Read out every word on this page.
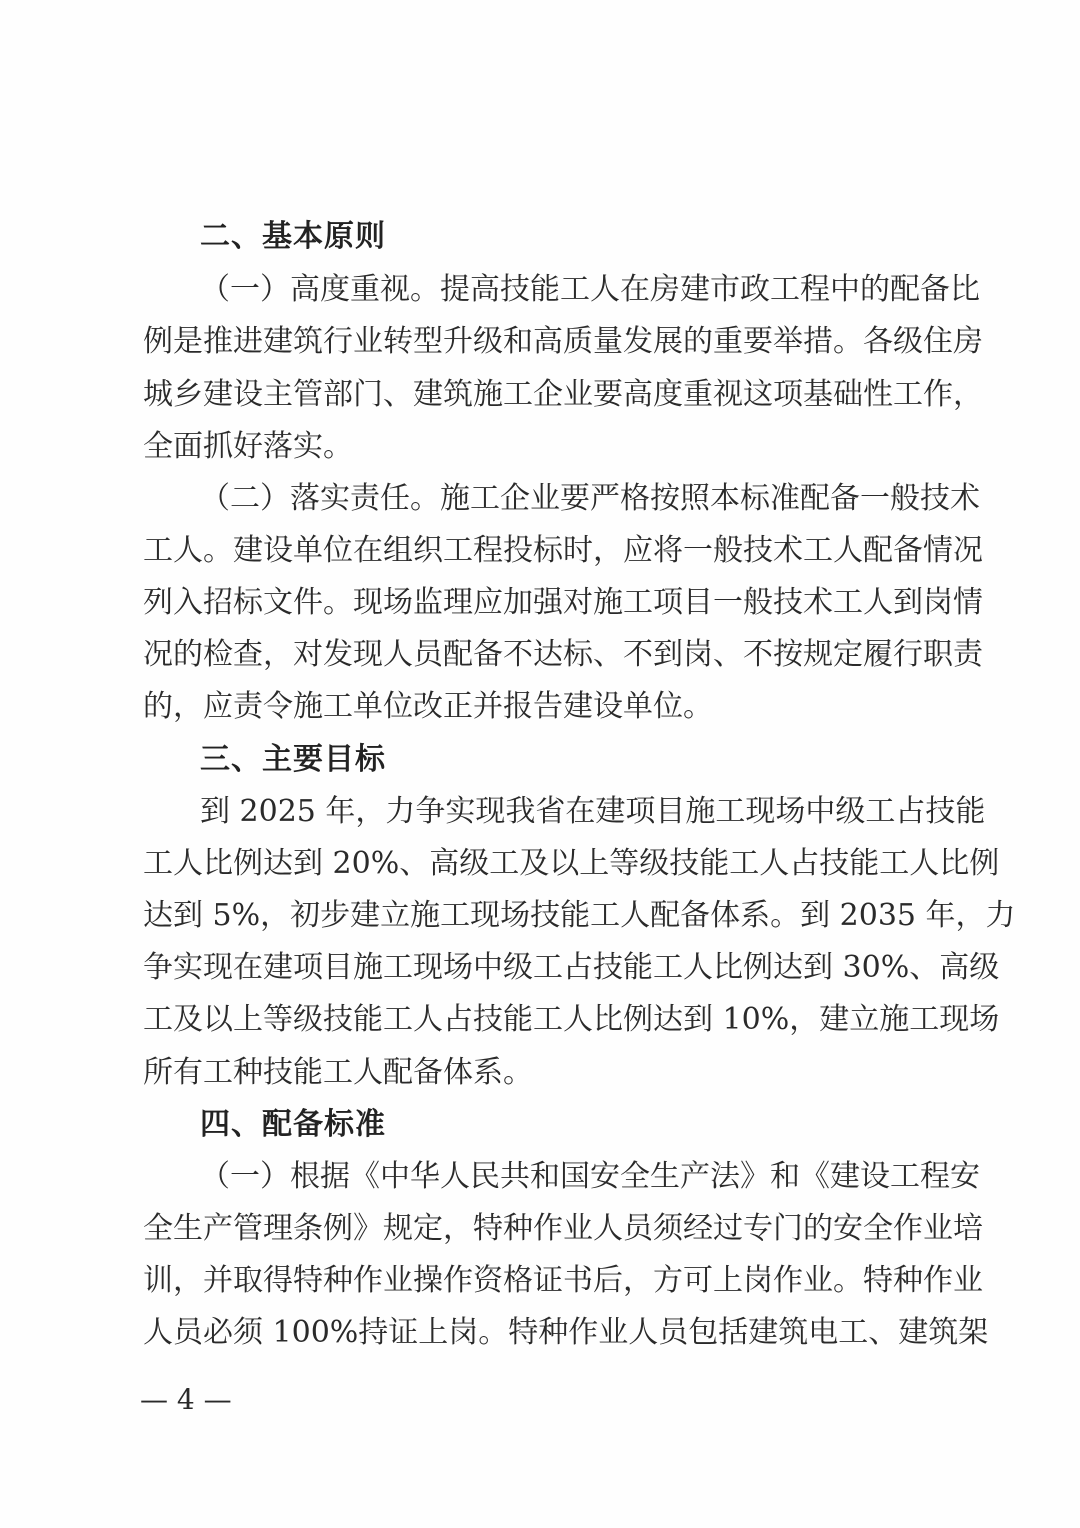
二、基本原则
（一）高度重视。提高技能工人在房建市政工程中的配备比
例是推进建筑行业转型升级和高质量发展的重要举措。各级住房
城乡建设主管部门、建筑施工企业要高度重视这项基础性工作，
全面抓好落实。
（二）落实责任。施工企业要严格按照本标准配备一般技术
工人。建设单位在组织工程投标时，应将一般技术工人配备情况
列入招标文件。现场监理应加强对施工项目一般技术工人到岗情
况的检查，对发现人员配备不达标、不到岗、不按规定履行职责
的，应责令施工单位改正并报告建设单位。
三、主要目标
到 2025 年，力争实现我省在建项目施工现场中级工占技能
工人比例达到 20%、高级工及以上等级技能工人占技能工人比例
达到 5%，初步建立施工现场技能工人配备体系。到 2035 年，力
争实现在建项目施工现场中级工占技能工人比例达到 30%、高级
工及以上等级技能工人占技能工人比例达到 10%，建立施工现场
所有工种技能工人配备体系。
四、配备标准
（一）根据《中华人民共和国安全生产法》和《建设工程安
全生产管理条例》规定，特种作业人员须经过专门的安全作业培
训，并取得特种作业操作资格证书后，方可上岗作业。特种作业
人员必须 100%持证上岗。特种作业人员包括建筑电工、建筑架
— 4 —
